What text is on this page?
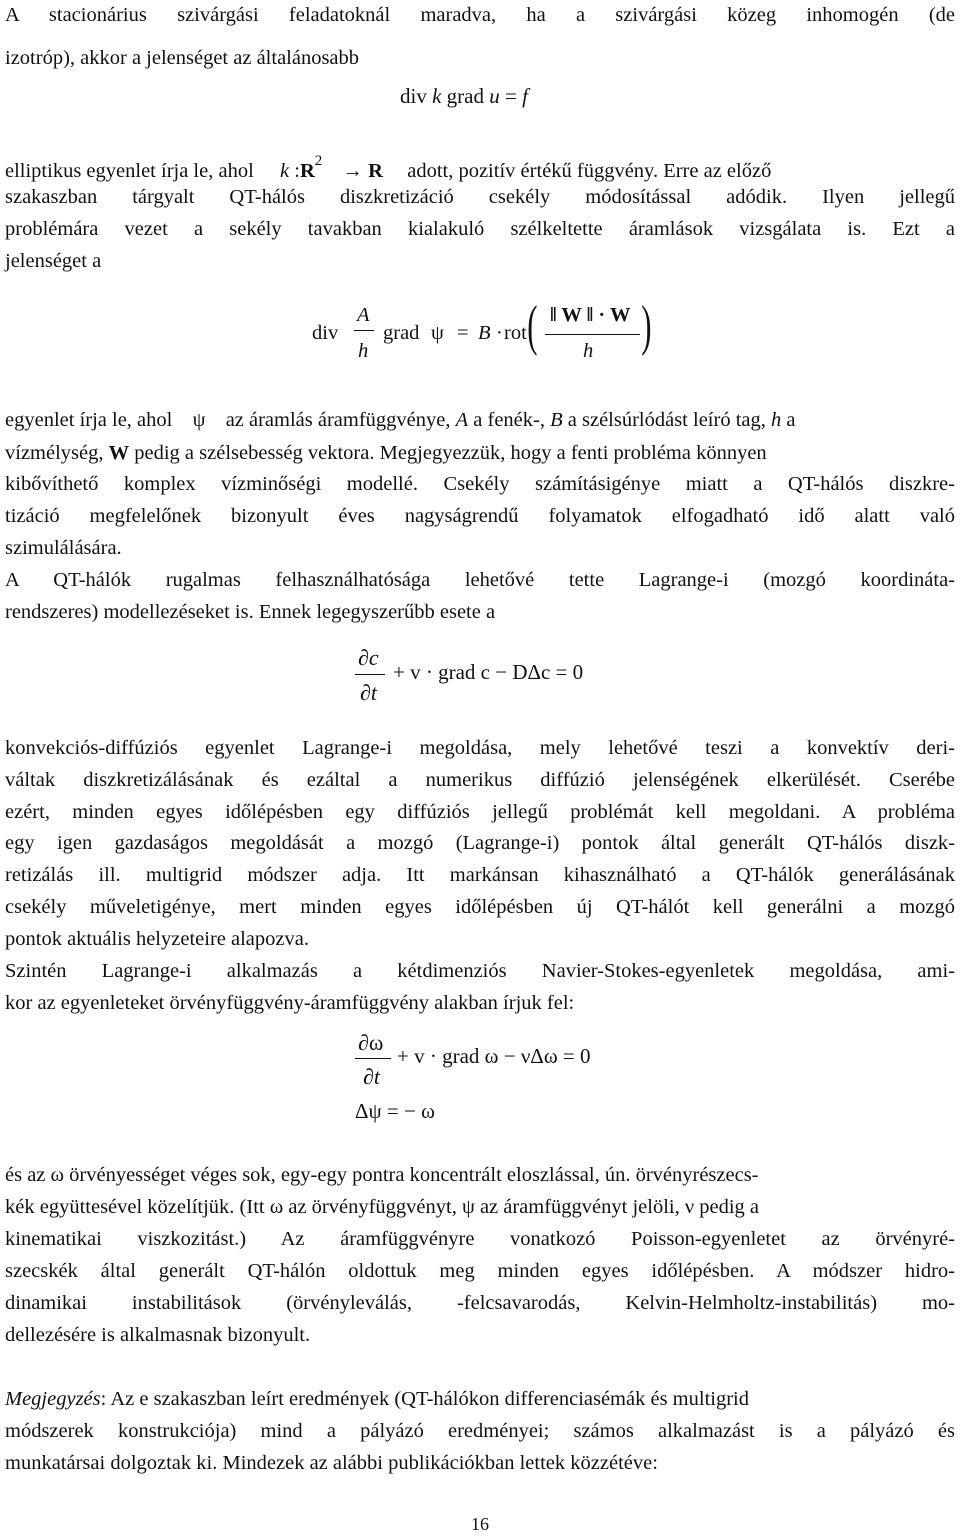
A stacionárius szivárgási feladatoknál maradva, ha a szivárgási közeg inhomogén (de
izotróp), akkor a jelenséget az általánosabb
div k grad u = f
elliptikus egyenlet írja le, ahol k $:R^2 \to R$ adott, pozitív értékű függvény. Erre az előző
szakaszban tárgyalt QT-hálós diszkretizáció csekély módosítással adódik. Ilyen jellegű
problémára vezet a sekély tavakban kialakuló szélkeltette áramlások vizsgálata is. Ezt a
jelenséget a
div
A
h
grad ψ = B · rot ( ‖ W ‖ · W
h )
egyenlet írja le, ahol ψ az áramlás áramfüggvénye, A a fenék-, B a szélsúrlódást leíró tag, h a
vízmélység, W pedig a szélsebesség vektora. Megjegyezzük, hogy a fenti probléma könnyen
kibővíthető komplex vízminőségi modellé. Csekély számításigénye miatt a QT-hálós diszkre-
tizáció megfelelőnek bizonyult éves nagyságrendű folyamatok elfogadható idő alatt való
szimulálására.
A QT-hálók rugalmas felhasználhatósága lehetővé tette Lagrange-i (mozgó koordináta-
rendszeres) modellezéseket is. Ennek legegyszerűbb esete a
∂c
∂t
+ v · grad c − DΔc = 0
konvekciós-diffúziós egyenlet Lagrange-i megoldása, mely lehetővé teszi a konvektív deri-
váltak diszkretizálásának és ezáltal a numerikus diffúzió jelenségének elkerülését. Cserébe
ezért, minden egyes időlépésben egy diffúziós jellegű problémát kell megoldani. A probléma
egy igen gazdaságos megoldását a mozgó (Lagrange-i) pontok által generált QT-hálós diszk-
retizálás ill. multigrid módszer adja. Itt markánsan kihasználható a QT-hálók generálásának
csekély műveletigénye, mert minden egyes időlépésben új QT-hálót kell generálni a mozgó
pontok aktuális helyzeteire alapozva.
Szintén Lagrange-i alkalmazás a kétdimenziós Navier-Stokes-egyenletek megoldása, ami-
kor az egyenleteket örvényfüggvény-áramfüggvény alakban írjuk fel:
∂ω
∂t
+ v · grad ω − νΔω = 0
Δψ = − ω
és az ω örvényességet véges sok, egy-egy pontra koncentrált eloszlással, ún. örvényrészecs-
kék együttesével közelítjük. (Itt ω az örvényfüggvényt, ψ az áramfüggvényt jelöli, ν pedig a
kinematikai viszkozitást.) Az áramfüggvényre vonatkozó Poisson-egyenletet az örvényré-
szecskék által generált QT-hálón oldottuk meg minden egyes időlépésben. A módszer hidro-
dinamikai instabilitások (örvényleválás, -felcsavarodás, Kelvin-Helmholtz-instabilitás) mo-
dellezésére is alkalmasnak bizonyult.
Megjegyzés: Az e szakaszban leírt eredmények (QT-hálókon differenciasémák és multigrid
módszerek konstrukciója) mind a pályázó eredményei; számos alkalmazást is a pályázó és
munkatársai dolgoztak ki. Mindezek az alábbi publikációkban lettek közzétéve:
16
